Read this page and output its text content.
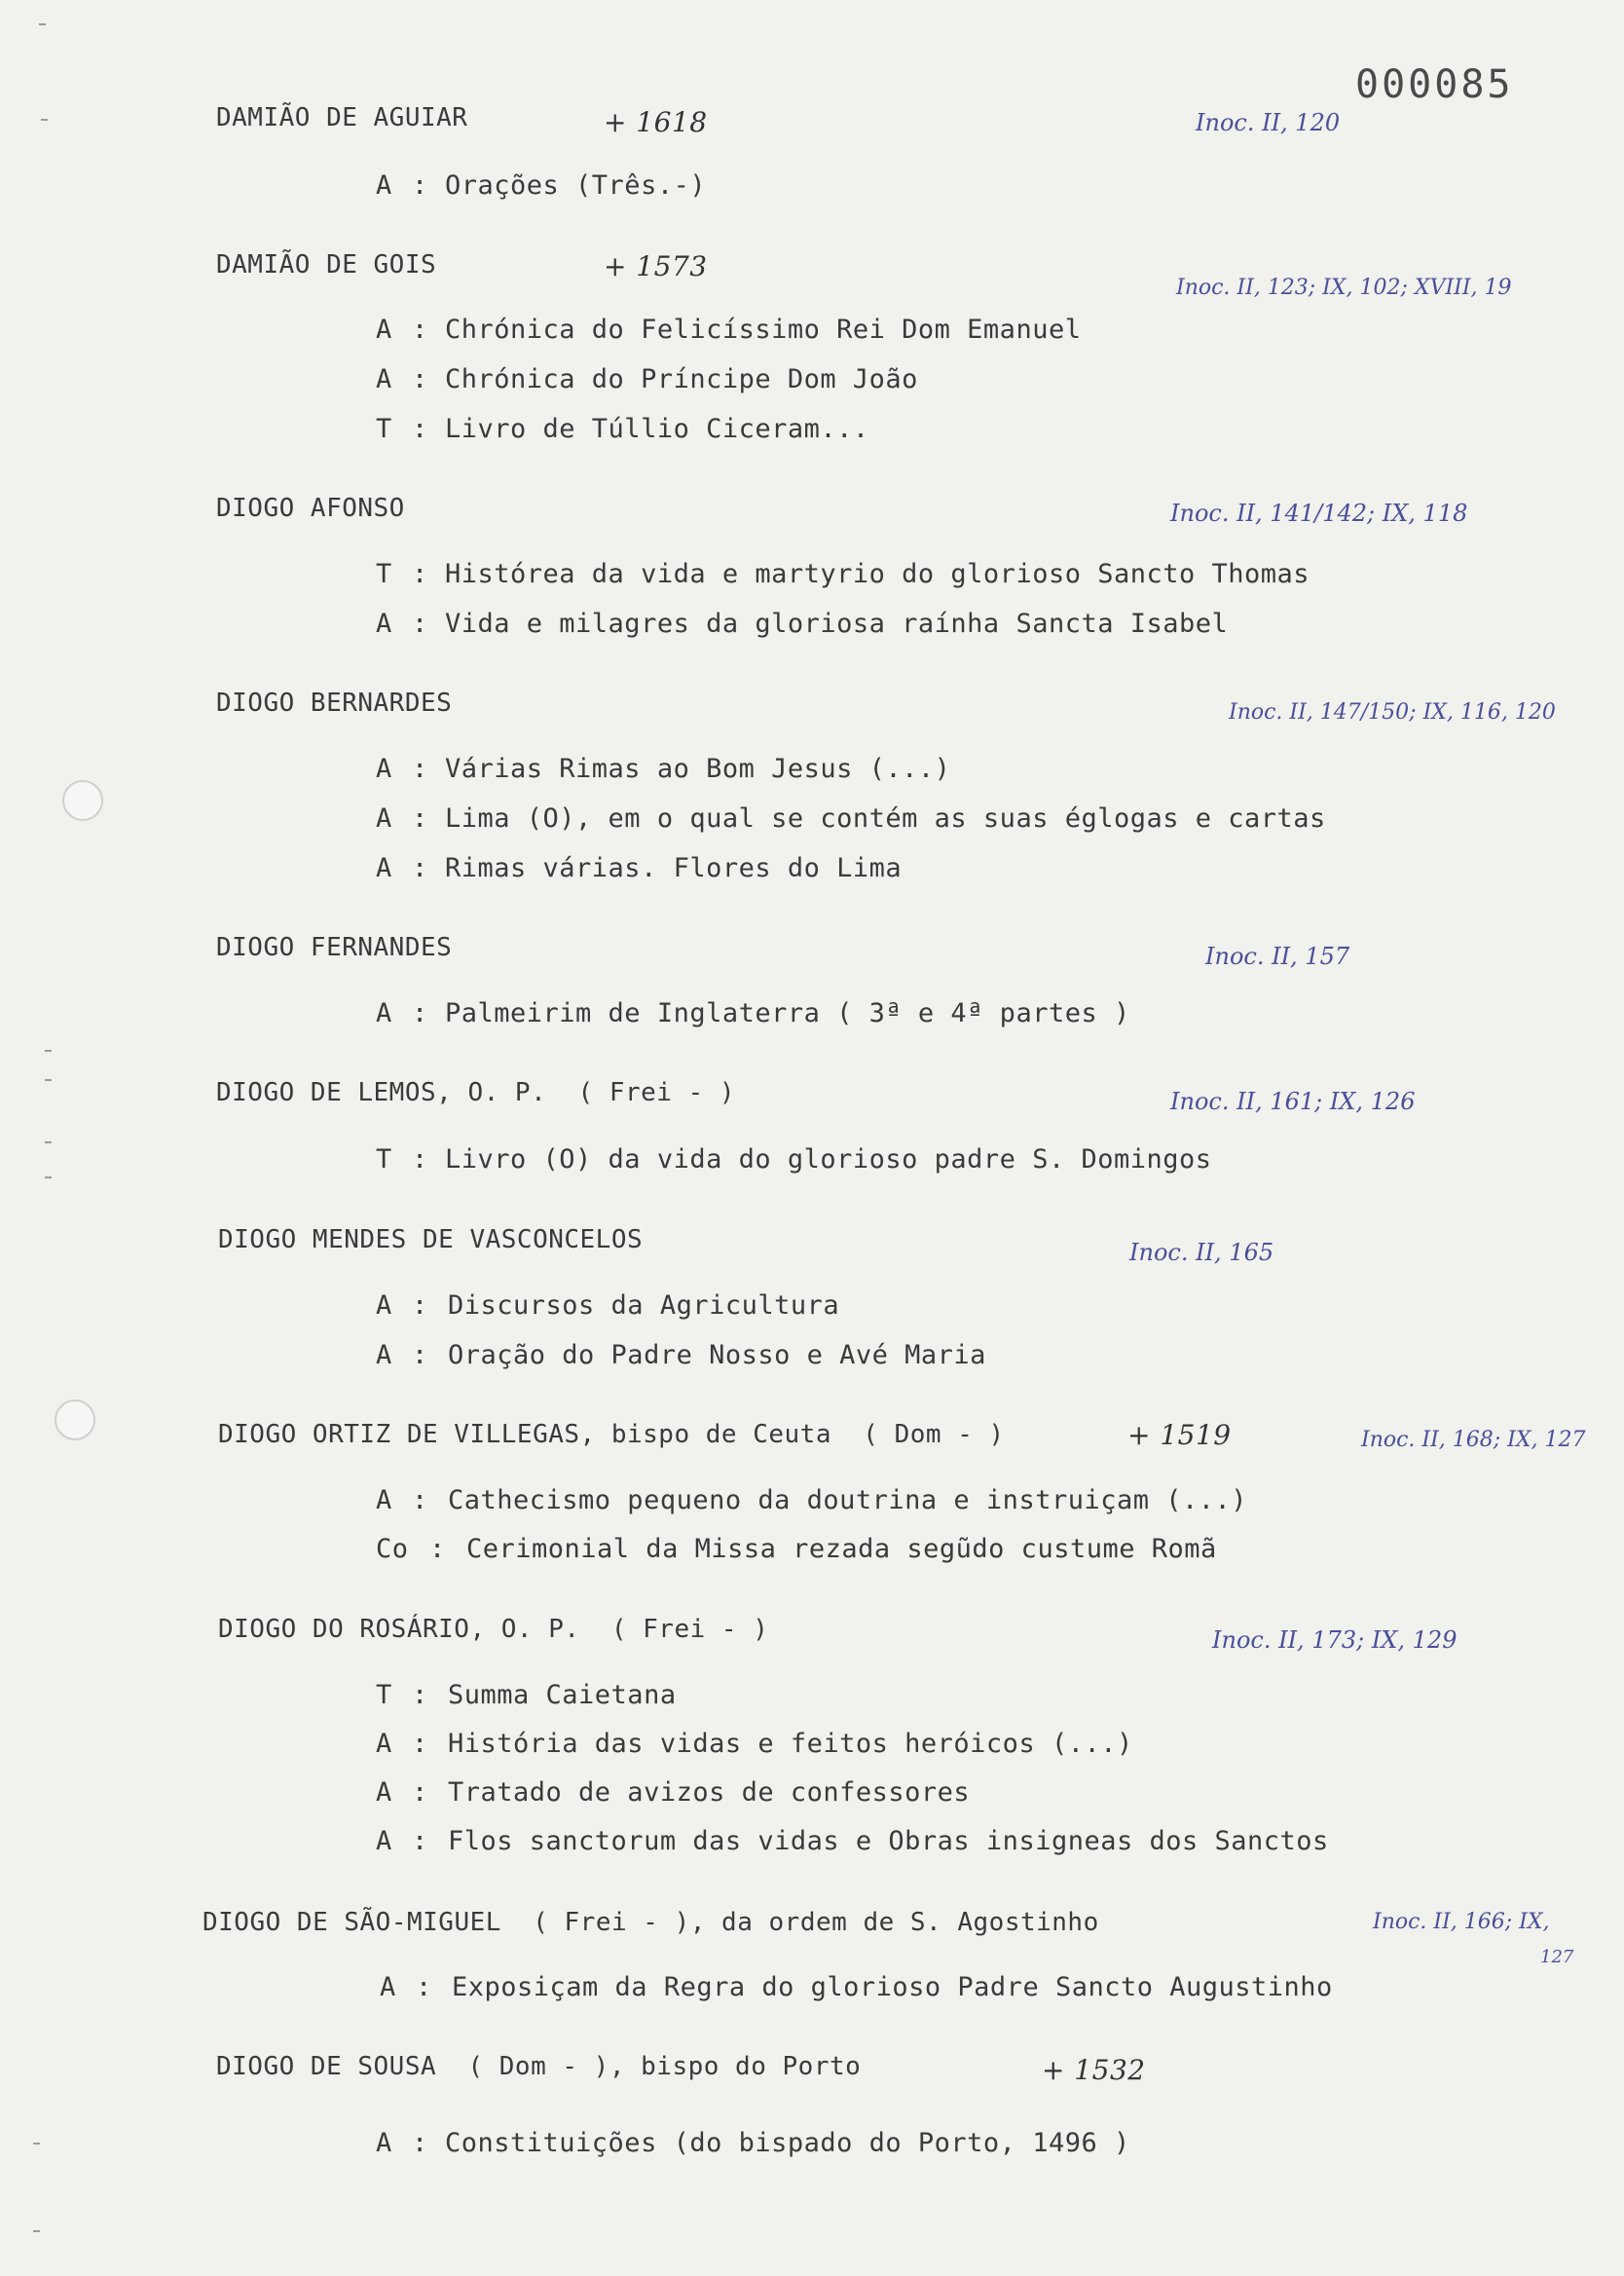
000085
DAMIÃO DE AGUIAR	+ 1618	Inoc. II, 120
A : Orações (Três.-)
DAMIÃO DE GOIS	+ 1573
Inoc. II, 123; IX, 102; XVIII, 19
A : Chrónica do Felicíssimo Rei Dom Emanuel
A : Chrónica do Príncipe Dom João
T : Livro de Túllio Ciceram...
DIOGO AFONSO	Inoc. II, 141/142; IX, 118
T : Histórea da vida e martyrio do glorioso Sancto Thomas
A : Vida e milagres da gloriosa raínha Sancta Isabel
DIOGO BERNARDES	Inoc. II, 147/150; IX, 116, 120
A : Várias Rimas ao Bom Jesus (...)
A : Lima (O), em o qual se contém as suas églogas e cartas
A : Rimas várias. Flores do Lima
DIOGO FERNANDES	Inoc. II, 157
A : Palmeirim de Inglaterra ( 3ª e 4ª partes )
DIOGO DE LEMOS, O. P.  ( Frei - )	Inoc. II, 161; IX, 126
T : Livro (O) da vida do glorioso padre S. Domingos
DIOGO MENDES DE VASCONCELOS	Inoc. II, 165
A : Discursos da Agricultura
A : Oração do Padre Nosso e Avé Maria
DIOGO ORTIZ DE VILLEGAS, bispo de Ceuta  ( Dom - )	+ 1519	Inoc. II, 168; IX, 127
A : Cathecismo pequeno da doutrina e instruiçam (...)
Co : Cerimonial da Missa rezada segũdo custume Romã
DIOGO DO ROSÁRIO, O. P.  ( Frei - )	Inoc. II, 173; IX, 129
T : Summa Caietana
A : História das vidas e feitos heróicos (...)
A : Tratado de avizos de confessores
A : Flos sanctorum das vidas e Obras insigneas dos Sanctos
DIOGO DE SÃO-MIGUEL  ( Frei - ), da ordem de S. Agostinho	Inoc. II, 166; IX,
127
A : Exposiçam da Regra do glorioso Padre Sancto Augustinho
DIOGO DE SOUSA  ( Dom - ), bispo do Porto	+ 1532
A : Constituições (do bispado do Porto, 1496 )
